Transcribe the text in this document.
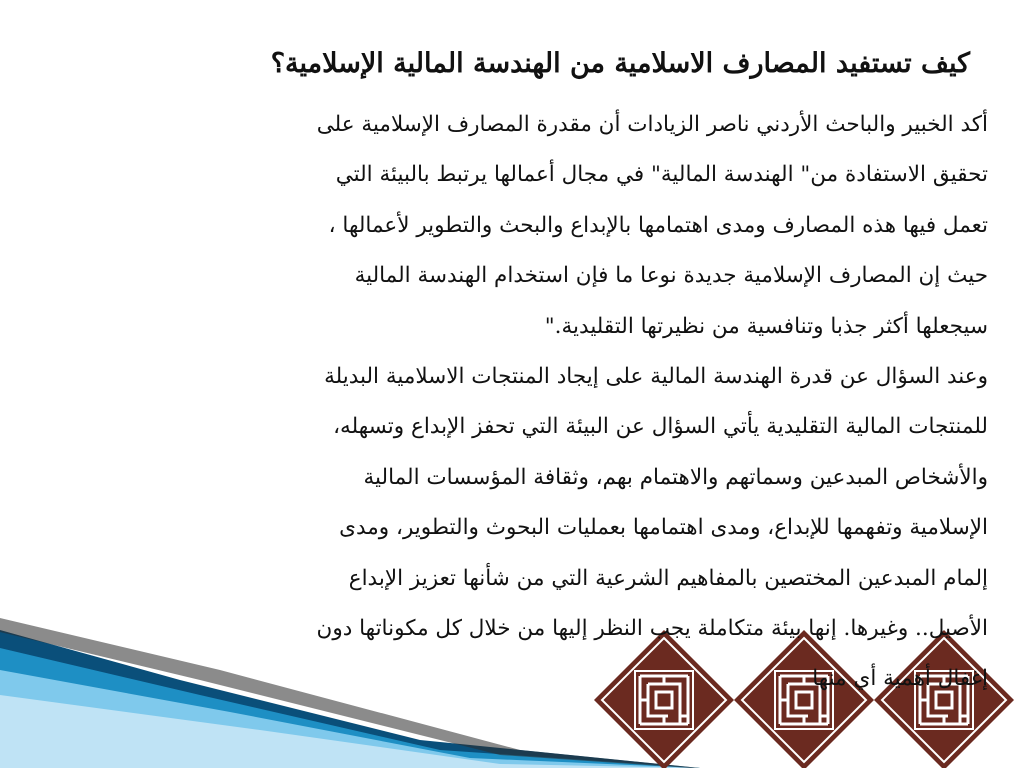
كيف تستفيد المصارف الاسلامية من الهندسة المالية الإسلامية؟
أكد الخبير والباحث الأردني ناصر الزيادات أن مقدرة المصارف الإسلامية على
تحقيق الاستفادة من" الهندسة المالية" في مجال أعمالها يرتبط بالبيئة التي
تعمل فيها هذه المصارف ومدى اهتمامها بالإبداع والبحث والتطوير لأعمالها ،
حيث إن المصارف الإسلامية جديدة نوعا ما فإن استخدام الهندسة المالية
سيجعلها أكثر جذبا وتنافسية من نظيرتها التقليدية."
وعند السؤال عن قدرة الهندسة المالية على إيجاد المنتجات الاسلامية البديلة
للمنتجات المالية التقليدية يأتي السؤال عن البيئة التي تحفز الإبداع وتسهله،
والأشخاص المبدعين وسماتهم والاهتمام بهم، وثقافة المؤسسات المالية
الإسلامية وتفهمها للإبداع، ومدى اهتمامها بعمليات البحوث والتطوير، ومدى
إلمام المبدعين المختصين بالمفاهيم الشرعية التي من شأنها تعزيز الإبداع
الأصيل.. وغيرها. إنها بيئة متكاملة يجب النظر إليها من خلال كل مكوناتها دون
إغفال أهمية أي منها
